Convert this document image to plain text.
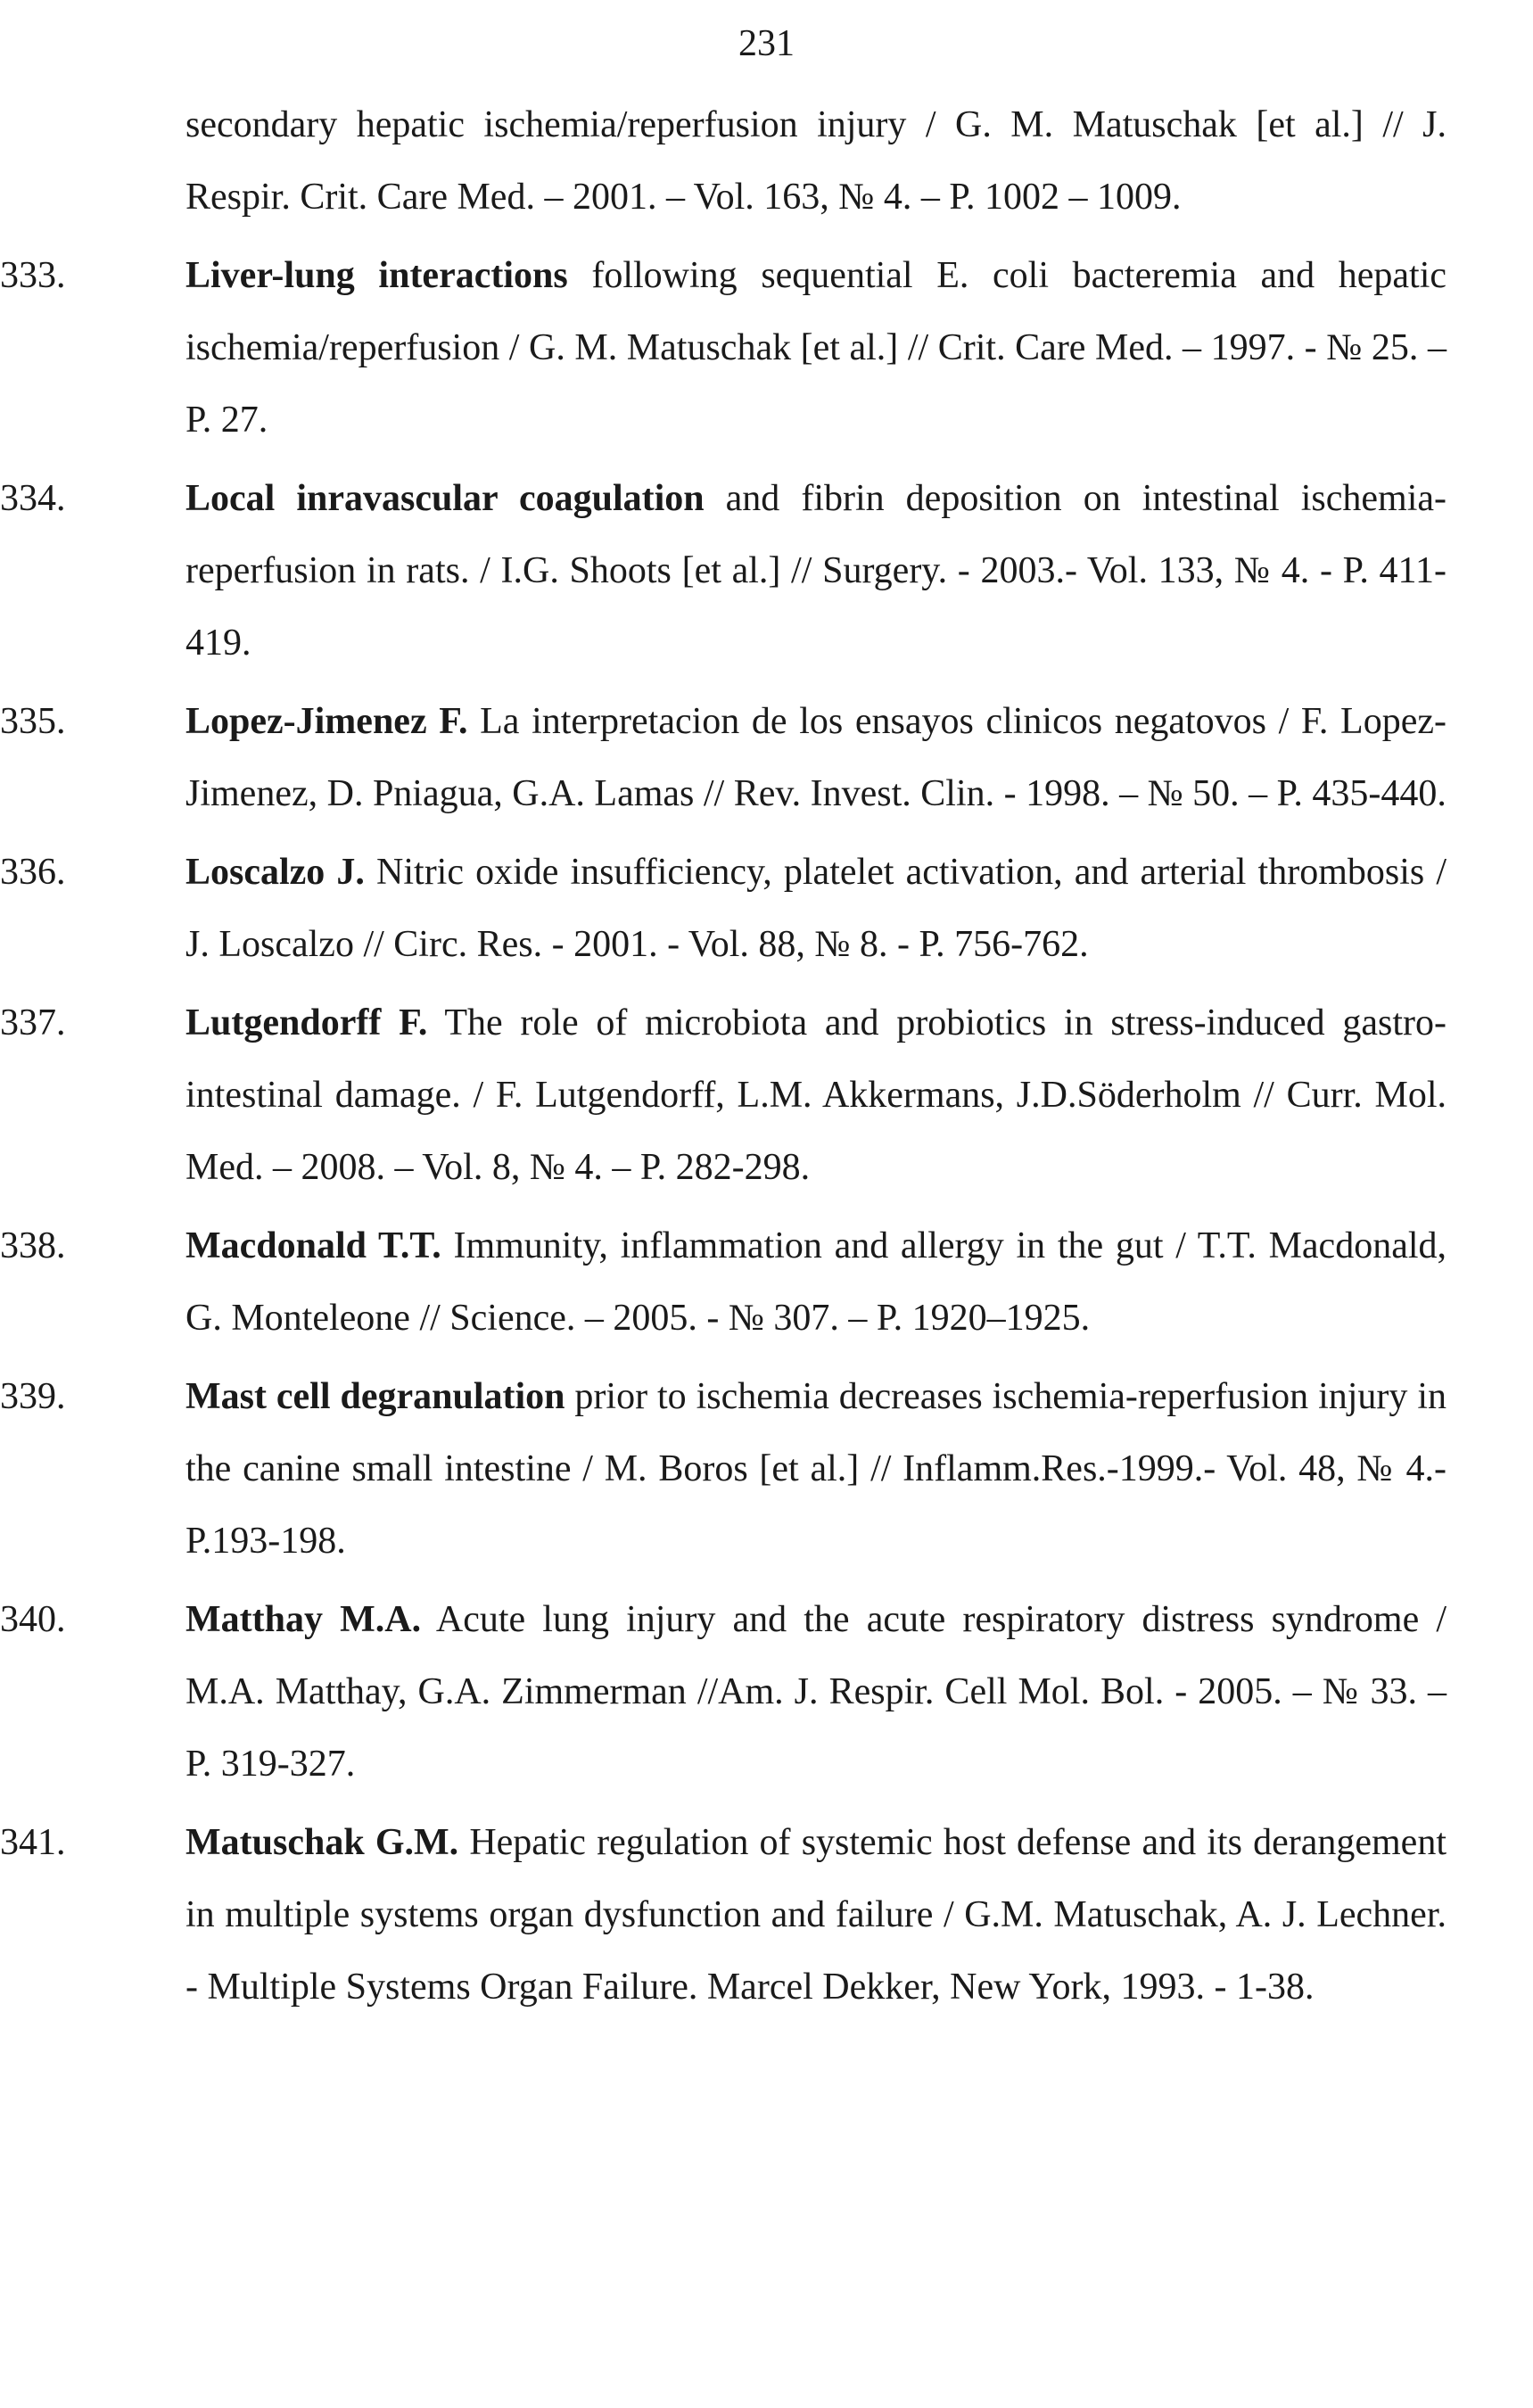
231

secondary hepatic ischemia/reperfusion injury / G. M. Matuschak [et al.] // J. Respir. Crit. Care Med. – 2001. – Vol. 163, № 4. – P. 1002 – 1009.

333.	Liver-lung interactions following sequential E. coli bacteremia and hepatic ischemia/reperfusion / G. M. Matuschak [et al.] // Crit. Care Med. – 1997. - № 25. – P. 27.

334.	Local inravascular coagulation and fibrin deposition on intestinal ischemia-reperfusion in rats. / I.G. Shoots [et al.] // Surgery. - 2003.- Vol. 133, № 4. - P. 411-419.

335.	Lopez-Jimenez F. La interpretacion de los ensayos clinicos negatovos / F. Lopez-Jimenez, D. Pniagua, G.A. Lamas // Rev. Invest. Clin. - 1998. – № 50. – P. 435-440.

336.	Loscalzo J. Nitric oxide insufficiency, platelet activation, and arterial thrombosis / J. Loscalzo // Circ. Res. - 2001. - Vol. 88, № 8. - P. 756-762.

337.	Lutgendorff F. The role of microbiota and probiotics in stress-induced gastro-intestinal damage. / F. Lutgendorff, L.M. Akkermans, J.D.Söderholm // Curr. Mol. Med. – 2008. – Vol. 8, № 4. – P. 282-298.

338.	Macdonald T.T. Immunity, inflammation and allergy in the gut / T.T. Macdonald, G. Monteleone // Science. – 2005. - № 307. – P. 1920–1925.

339.	Mast cell degranulation prior to ischemia decreases ischemia-reperfusion injury in the canine small intestine / M. Boros [et al.] // Inflamm.Res.-1999.- Vol. 48, № 4.-P.193-198.

340.	Matthay M.A. Acute lung injury and the acute respiratory distress syndrome / M.A. Matthay, G.A. Zimmerman //Am. J. Respir. Cell Mol. Bol. - 2005. – № 33. – P. 319-327.

341.	Matuschak G.M. Hepatic regulation of systemic host defense and its derangement in multiple systems organ dysfunction and failure / G.M. Matuschak, A. J. Lechner. - Multiple Systems Organ Failure. Marcel Dekker, New York, 1993. - 1-38.
